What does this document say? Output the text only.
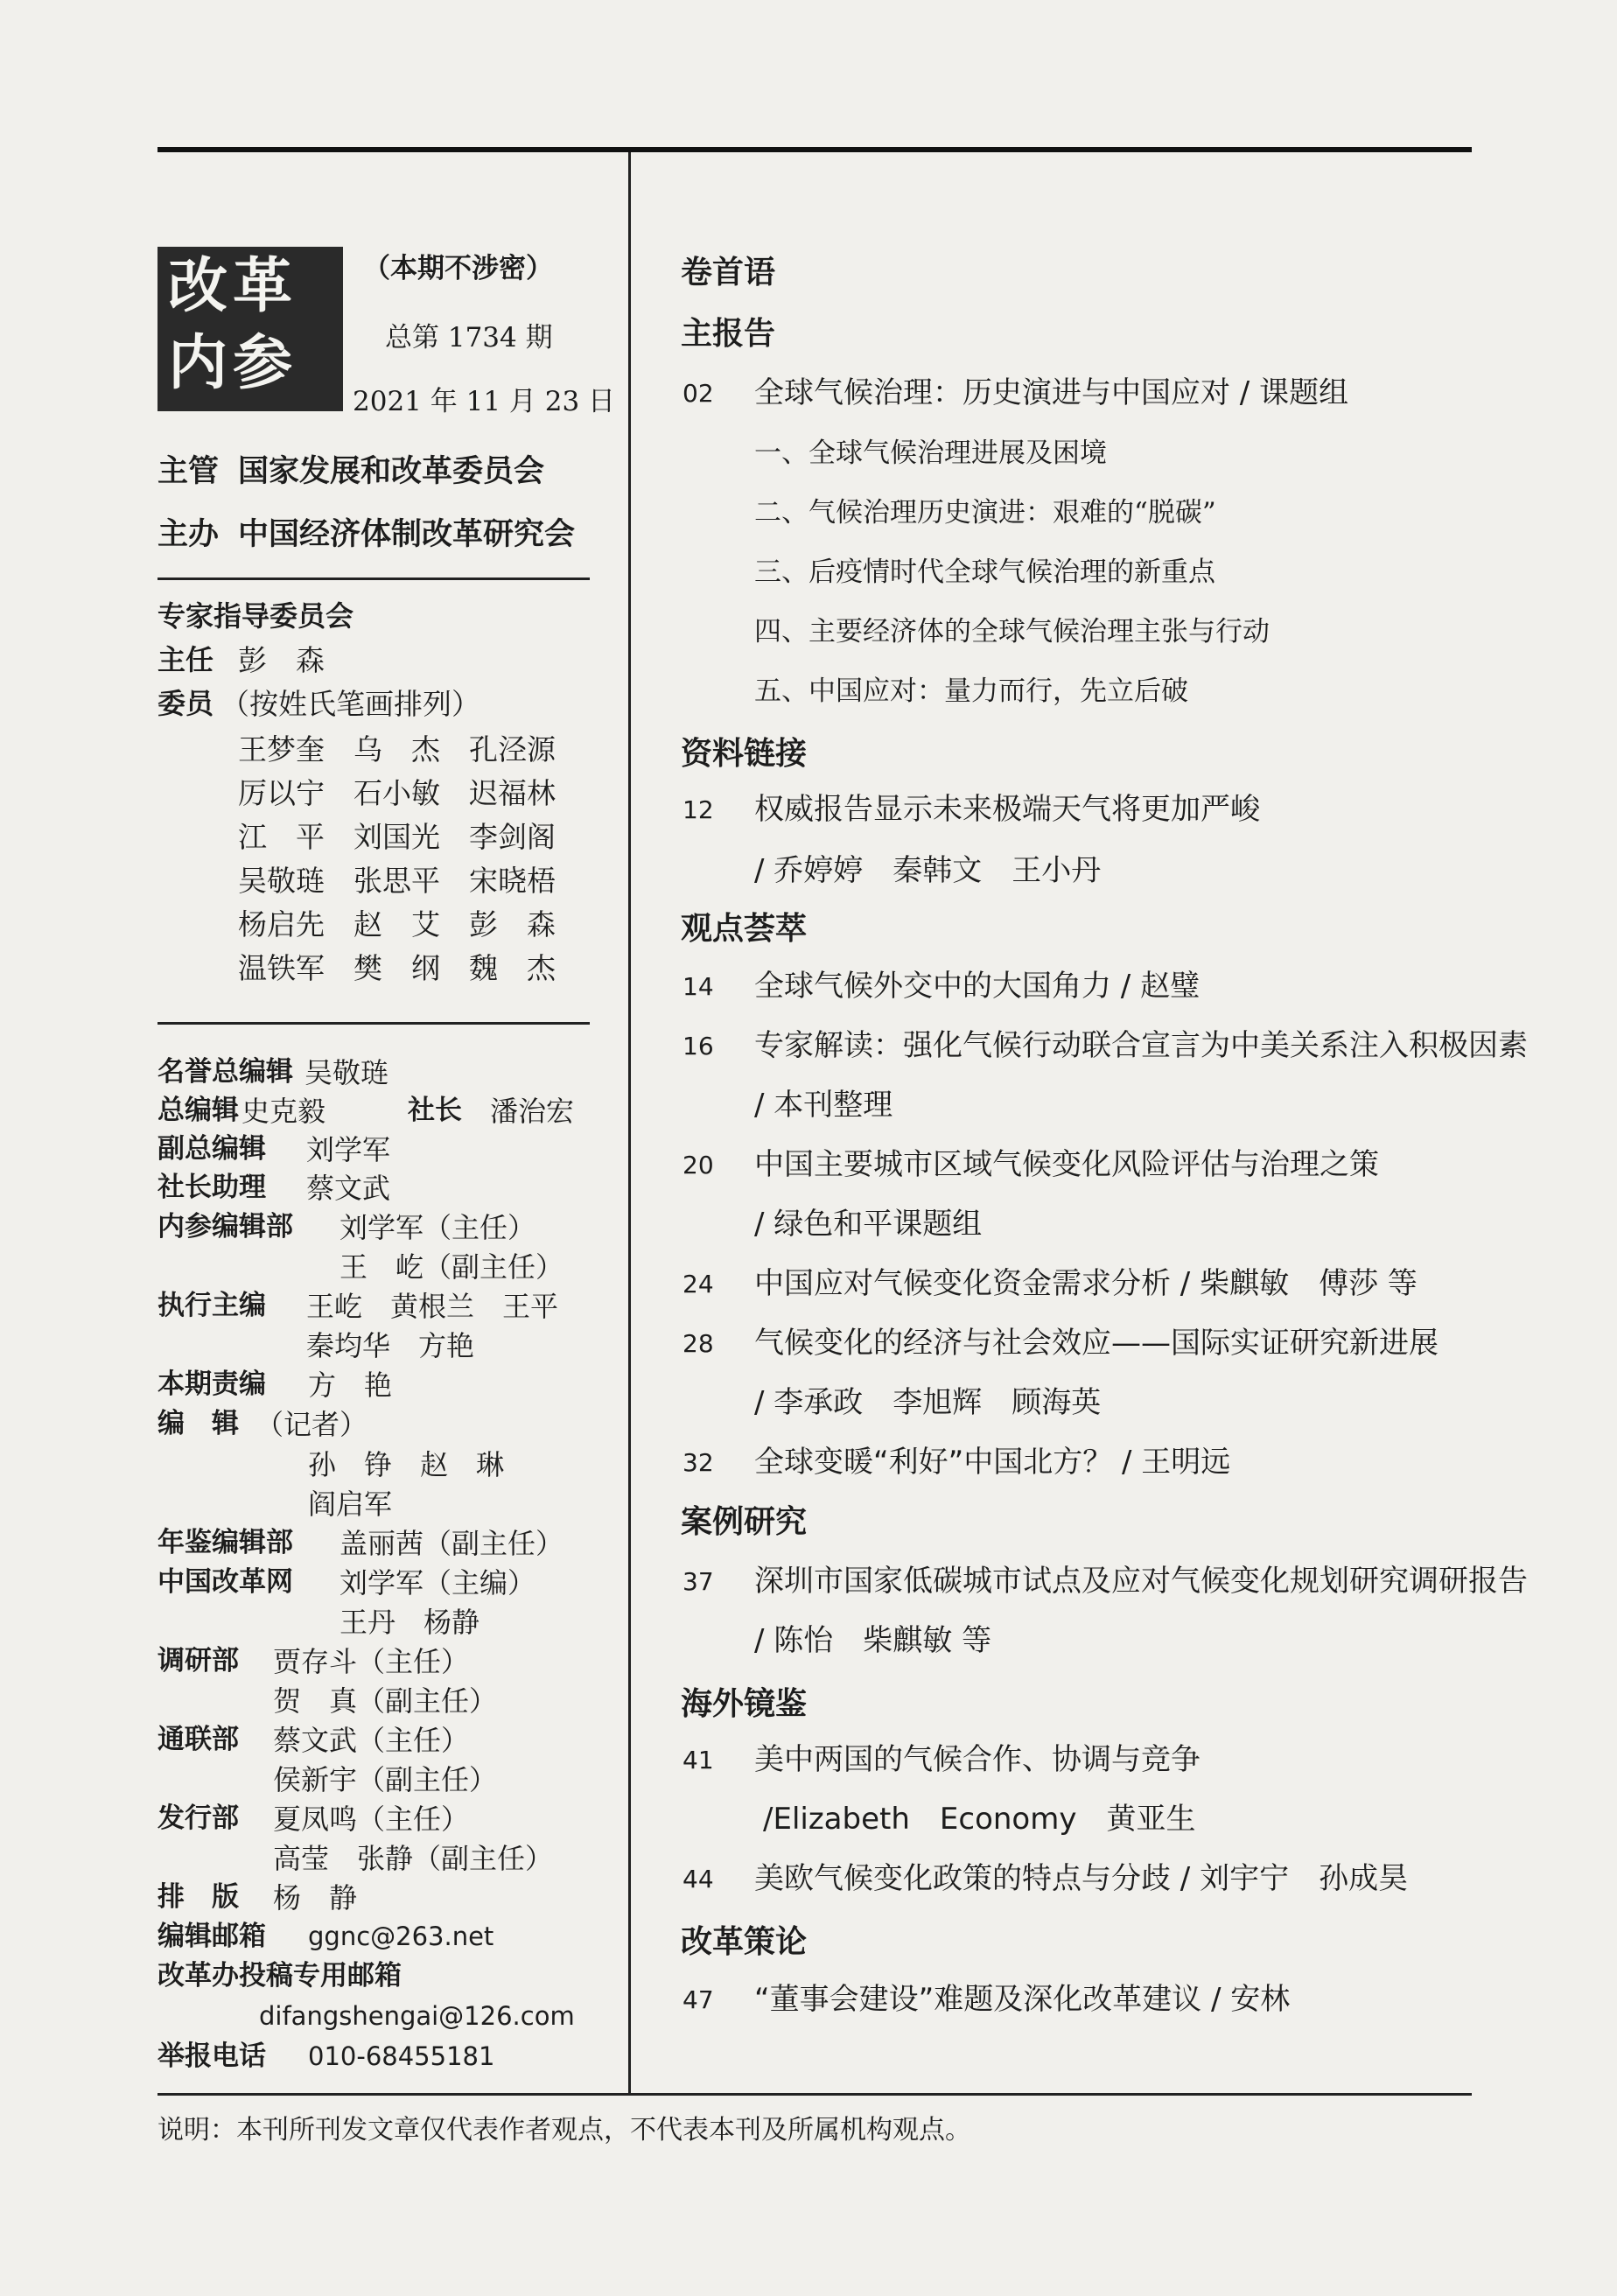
改革
内参
（本期不涉密）
总第 1734 期
2021 年 11 月 23 日
主管 国家发展和改革委员会
主办 中国经济体制改革研究会
专家指导委员会
主任 彭　森
委员 （按姓氏笔画排列）
王梦奎　乌　杰　孔泾源
厉以宁　石小敏　迟福林
江　平　刘国光　李剑阁
吴敬琏　张思平　宋晓梧
杨启先　赵　艾　彭　森
温铁军　樊　纲　魏　杰
名誉总编辑 吴敬琏
总编辑 史克毅	社长 潘治宏
副总编辑 刘学军
社长助理 蔡文武
内参编辑部 刘学军（主任）
王　屹（副主任）
执行主编 王屹　黄根兰　王平
秦均华　方艳
本期责编 方　艳
编　辑 （记者）
孙　铮　赵　琳
阎启军
年鉴编辑部 盖丽茜（副主任）
中国改革网 刘学军（主编）
王丹　杨静
调研部 贾存斗（主任）
贺　真（副主任）
通联部 蔡文武（主任）
侯新宇（副主任）
发行部 夏凤鸣（主任）
高莹　张静（副主任）
排　版 杨　静
编辑邮箱 ggnc@263.net
改革办投稿专用邮箱
difangshengai@126.com
举报电话 010-68455181
卷首语
主报告
02 全球气候治理：历史演进与中国应对 / 课题组
一、全球气候治理进展及困境
二、气候治理历史演进：艰难的“脱碳”
三、后疫情时代全球气候治理的新重点
四、主要经济体的全球气候治理主张与行动
五、中国应对：量力而行，先立后破
资料链接
12 权威报告显示未来极端天气将更加严峻
/ 乔婷婷　秦韩文　王小丹
观点荟萃
14 全球气候外交中的大国角力 / 赵璧
16 专家解读：强化气候行动联合宣言为中美关系注入积极因素
/ 本刊整理
20 中国主要城市区域气候变化风险评估与治理之策
/ 绿色和平课题组
24 中国应对气候变化资金需求分析 / 柴麒敏　傅莎 等
28 气候变化的经济与社会效应——国际实证研究新进展
/ 李承政　李旭辉　顾海英
32 全球变暖“利好”中国北方？ / 王明远
案例研究
37 深圳市国家低碳城市试点及应对气候变化规划研究调研报告
/ 陈怡　柴麒敏 等
海外镜鉴
41 美中两国的气候合作、协调与竞争
/Elizabeth　Economy　黄亚生
44 美欧气候变化政策的特点与分歧 / 刘宇宁　孙成昊
改革策论
47 “董事会建设”难题及深化改革建议 / 安林
说明：本刊所刊发文章仅代表作者观点，不代表本刊及所属机构观点。
